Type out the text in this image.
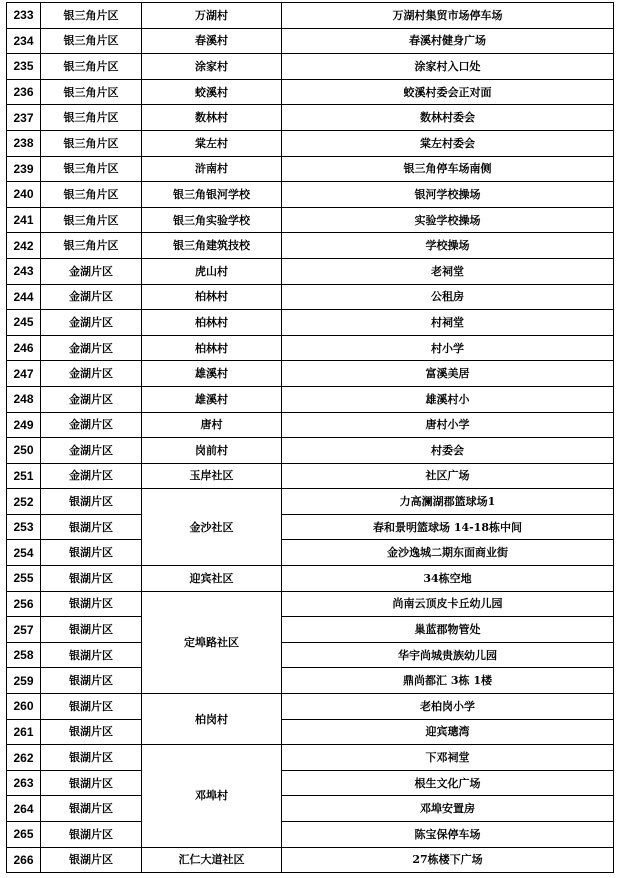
233	银三角片区	万湖村	万湖村集贸市场停车场
234	银三角片区	春溪村	春溪村健身广场
235	银三角片区	涂家村	涂家村入口处
236	银三角片区	蛟溪村	蛟溪村委会正对面
237	银三角片区	数林村	数林村委会
238	银三角片区	棠左村	棠左村委会
239	银三角片区	浒南村	银三角停车场南侧
240	银三角片区	银三角银河学校	银河学校操场
241	银三角片区	银三角实验学校	实验学校操场
242	银三角片区	银三角建筑技校	学校操场
243	金湖片区	虎山村	老祠堂
244	金湖片区	柏林村	公租房
245	金湖片区	柏林村	村祠堂
246	金湖片区	柏林村	村小学
247	金湖片区	雄溪村	富溪美居
248	金湖片区	雄溪村	雄溪村小
249	金湖片区	唐村	唐村小学
250	金湖片区	岗前村	村委会
251	金湖片区	玉岸社区	社区广场
252	银湖片区	金沙社区	力高澜湖郡篮球场1
253	银湖片区		春和景明篮球场 14-18栋中间
254	银湖片区		金沙逸城二期东面商业街
255	银湖片区	迎宾社区	34栋空地
256	银湖片区	定埠路社区	尚南云顶皮卡丘幼儿园
257	银湖片区		巢蓝郡物管处
258	银湖片区		华宇尚城贵族幼儿园
259	银湖片区		鼎尚都汇 3栋 1楼
260	银湖片区	柏岗村	老柏岗小学
261	银湖片区		迎宾璁湾
262	银湖片区	邓埠村	下邓祠堂
263	银湖片区		根生文化广场
264	银湖片区		邓埠安置房
265	银湖片区		陈宝保停车场
266	银湖片区	汇仁大道社区	27栋楼下广场
